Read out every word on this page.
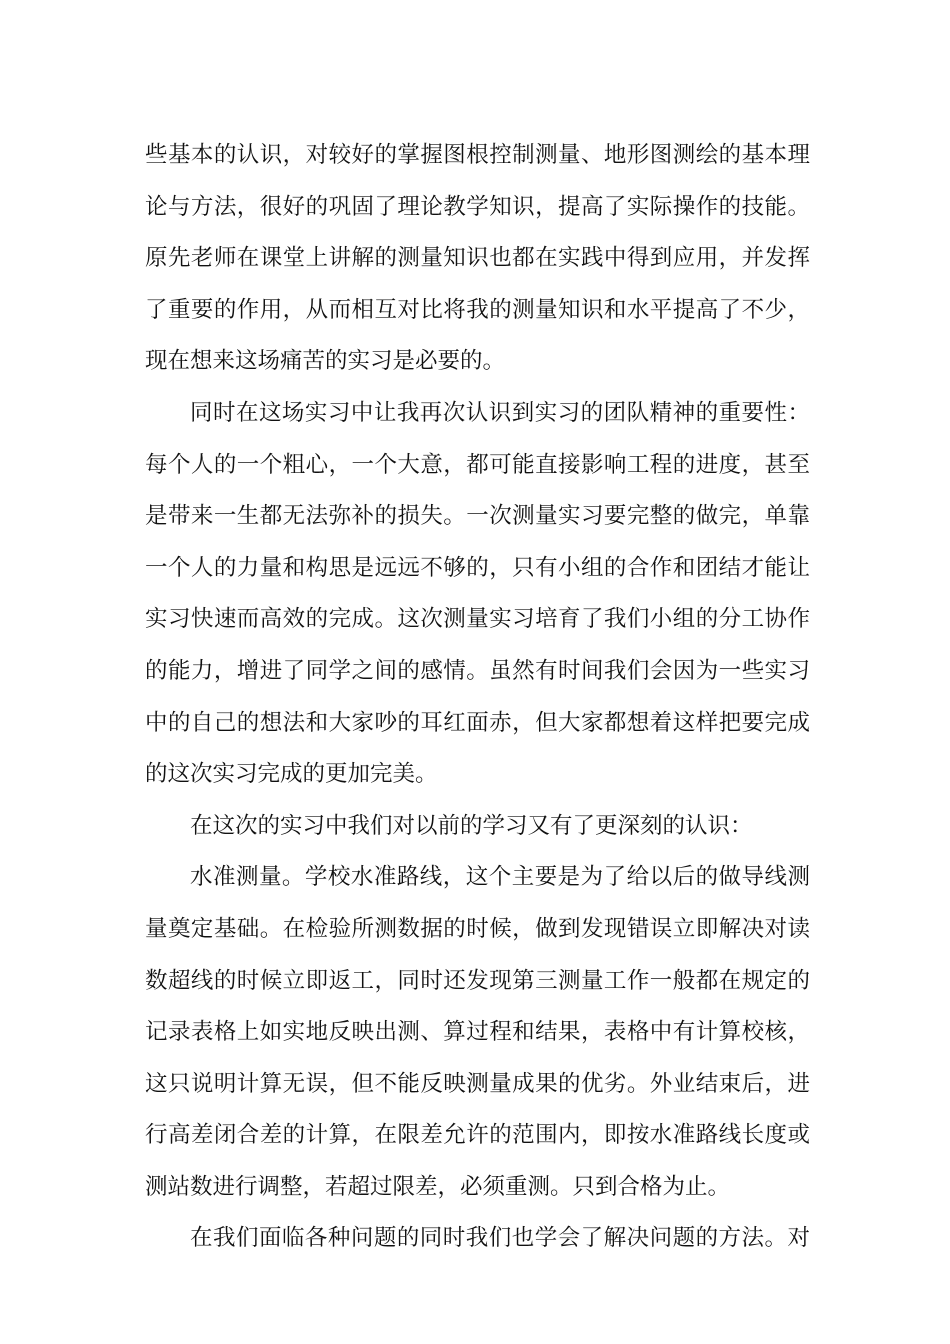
些基本的认识，对较好的掌握图根控制测量、地形图测绘的基本理
论与方法，很好的巩固了理论教学知识，提高了实际操作的技能。
原先老师在课堂上讲解的测量知识也都在实践中得到应用，并发挥
了重要的作用，从而相互对比将我的测量知识和水平提高了不少，
现在想来这场痛苦的实习是必要的。
同时在这场实习中让我再次认识到实习的团队精神的重要性：
每个人的一个粗心，一个大意，都可能直接影响工程的进度，甚至
是带来一生都无法弥补的损失。一次测量实习要完整的做完，单靠
一个人的力量和构思是远远不够的，只有小组的合作和团结才能让
实习快速而高效的完成。这次测量实习培育了我们小组的分工协作
的能力，增进了同学之间的感情。虽然有时间我们会因为一些实习
中的自己的想法和大家吵的耳红面赤，但大家都想着这样把要完成
的这次实习完成的更加完美。
在这次的实习中我们对以前的学习又有了更深刻的认识：
水准测量。学校水准路线，这个主要是为了给以后的做导线测
量奠定基础。在检验所测数据的时候，做到发现错误立即解决对读
数超线的时候立即返工，同时还发现第三测量工作一般都在规定的
记录表格上如实地反映出测、算过程和结果，表格中有计算校核，
这只说明计算无误，但不能反映测量成果的优劣。外业结束后，进
行高差闭合差的计算，在限差允许的范围内，即按水准路线长度或
测站数进行调整，若超过限差，必须重测。只到合格为止。
在我们面临各种问题的同时我们也学会了解决问题的方法。对
